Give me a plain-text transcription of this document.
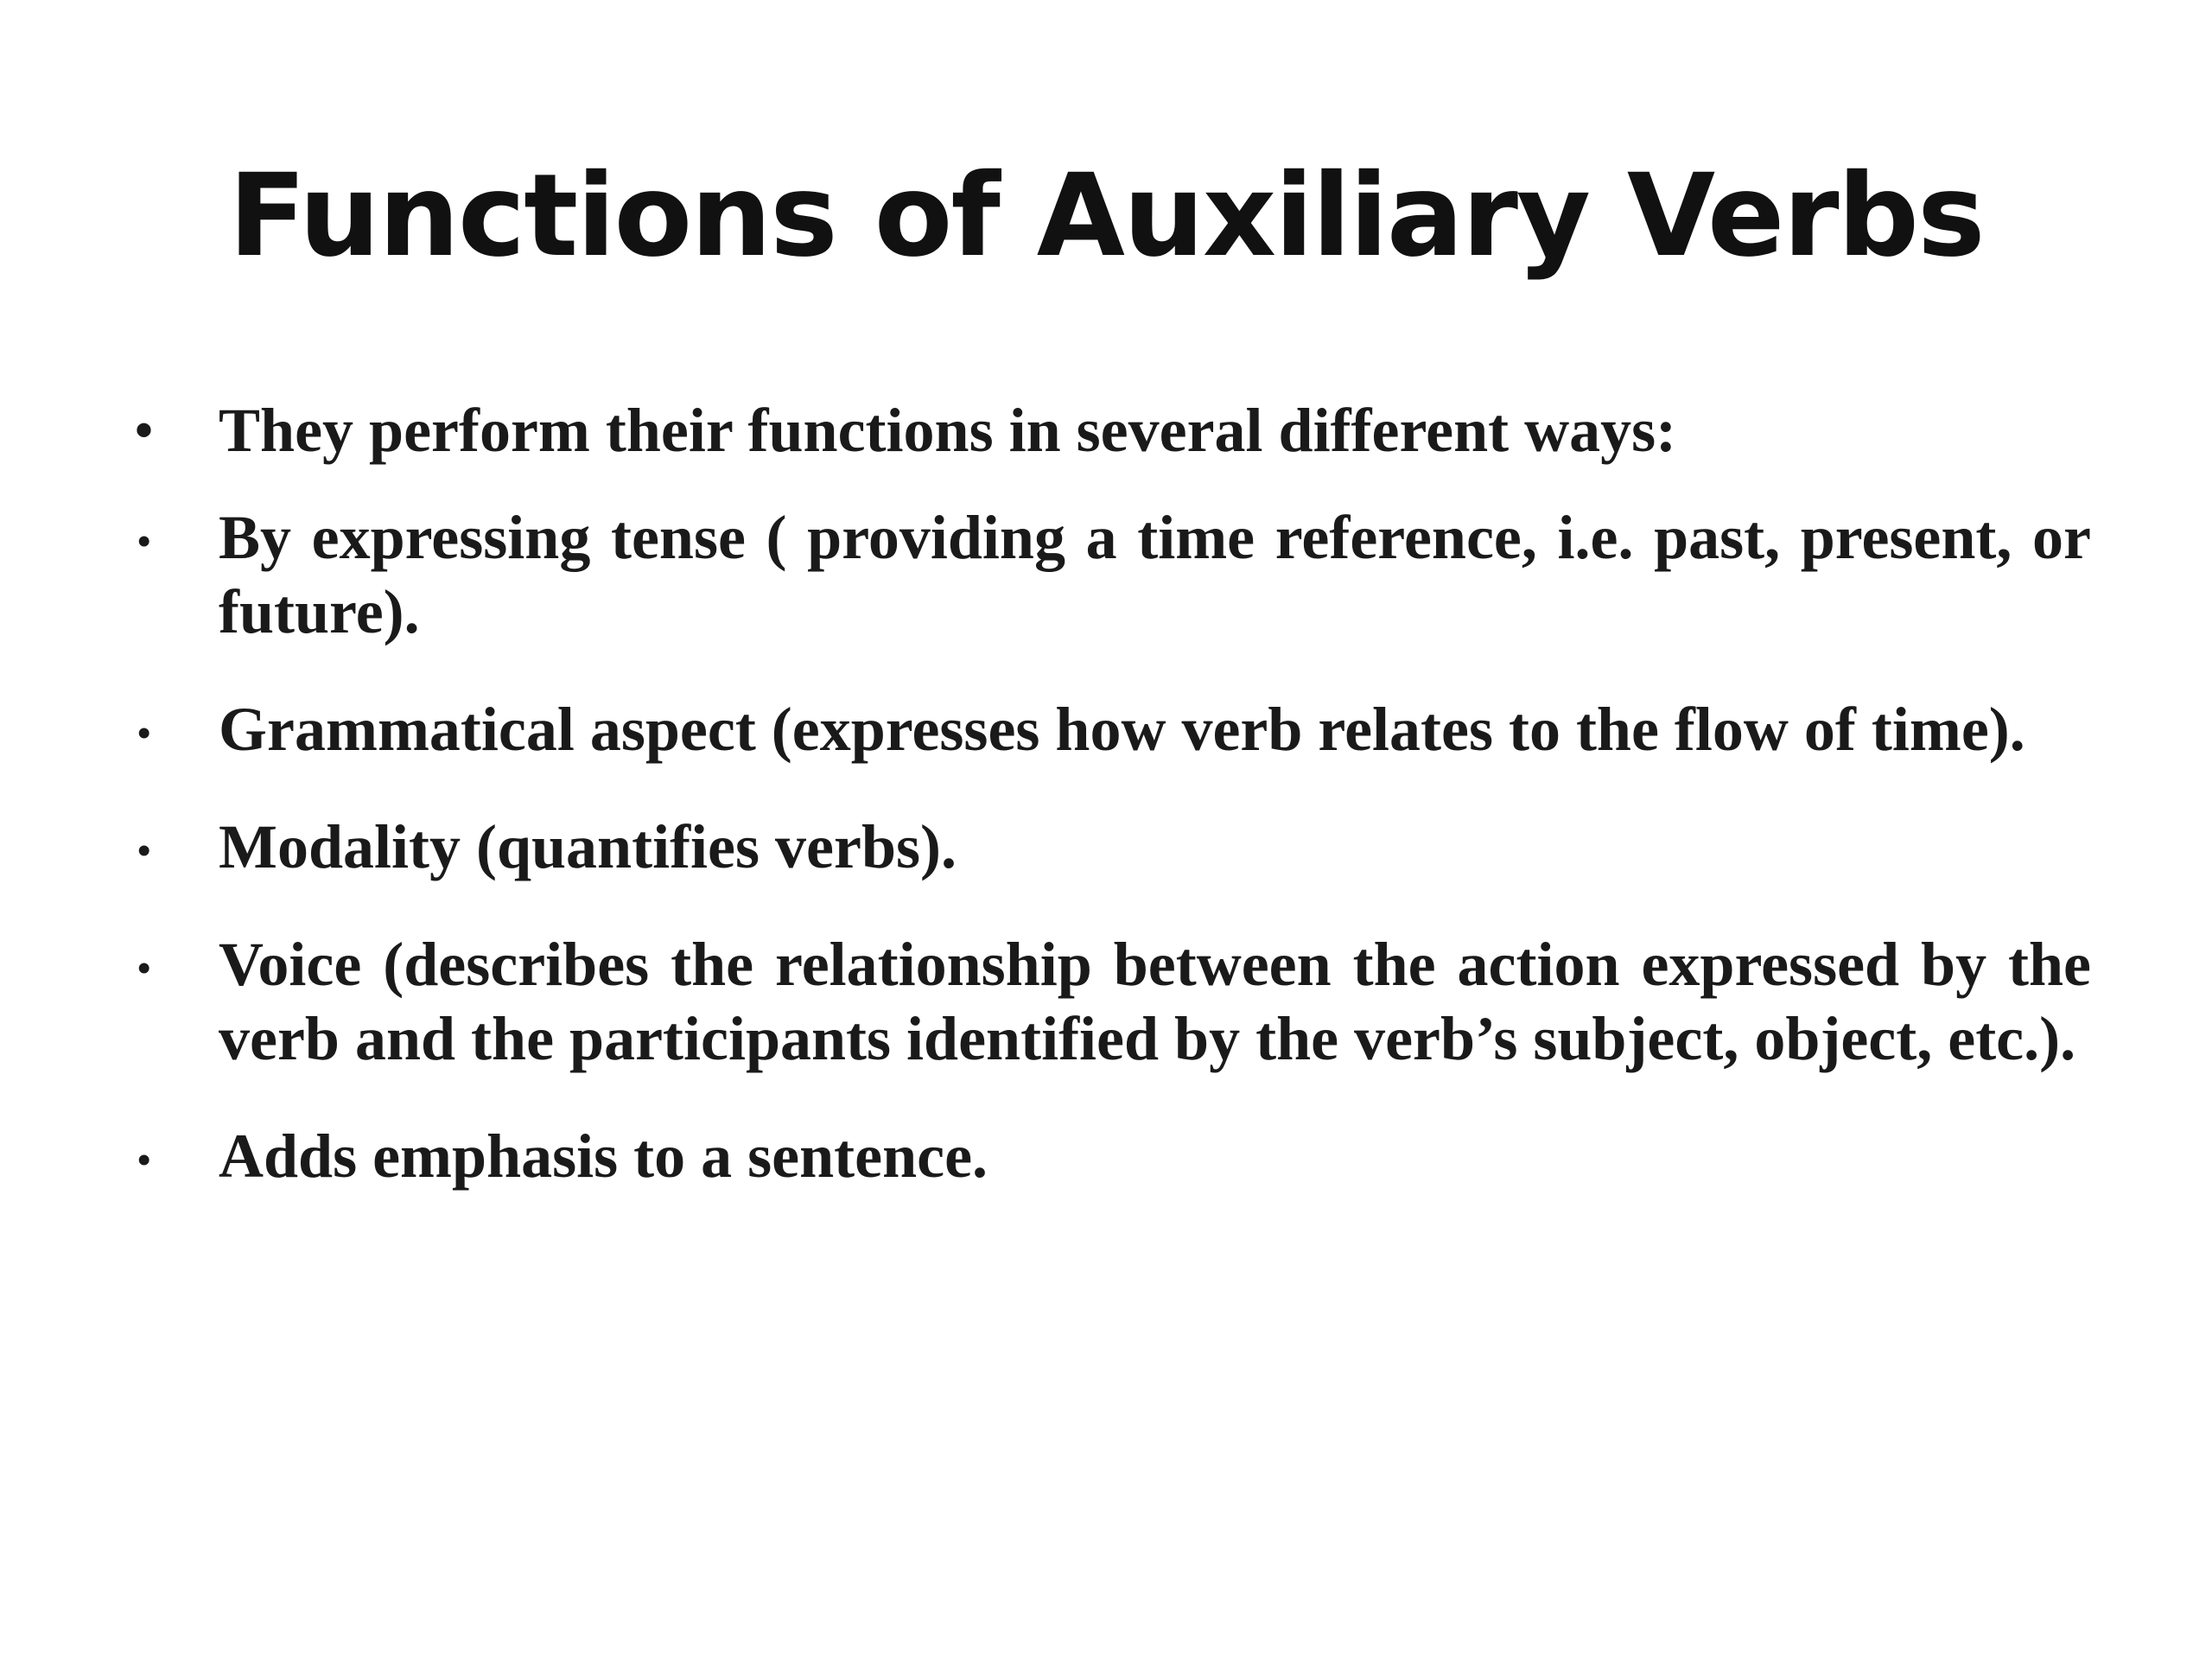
Functions of Auxiliary Verbs
• They perform their functions in several different ways:
• By expressing tense ( providing a time reference, i.e. past, present, or future).
• Grammatical aspect (expresses how verb relates to the flow of time).
• Modality (quantifies verbs).
• Voice (describes the relationship between the action expressed by the verb and the participants identified by the verb’s subject, object, etc.).
• Adds emphasis to a sentence.
